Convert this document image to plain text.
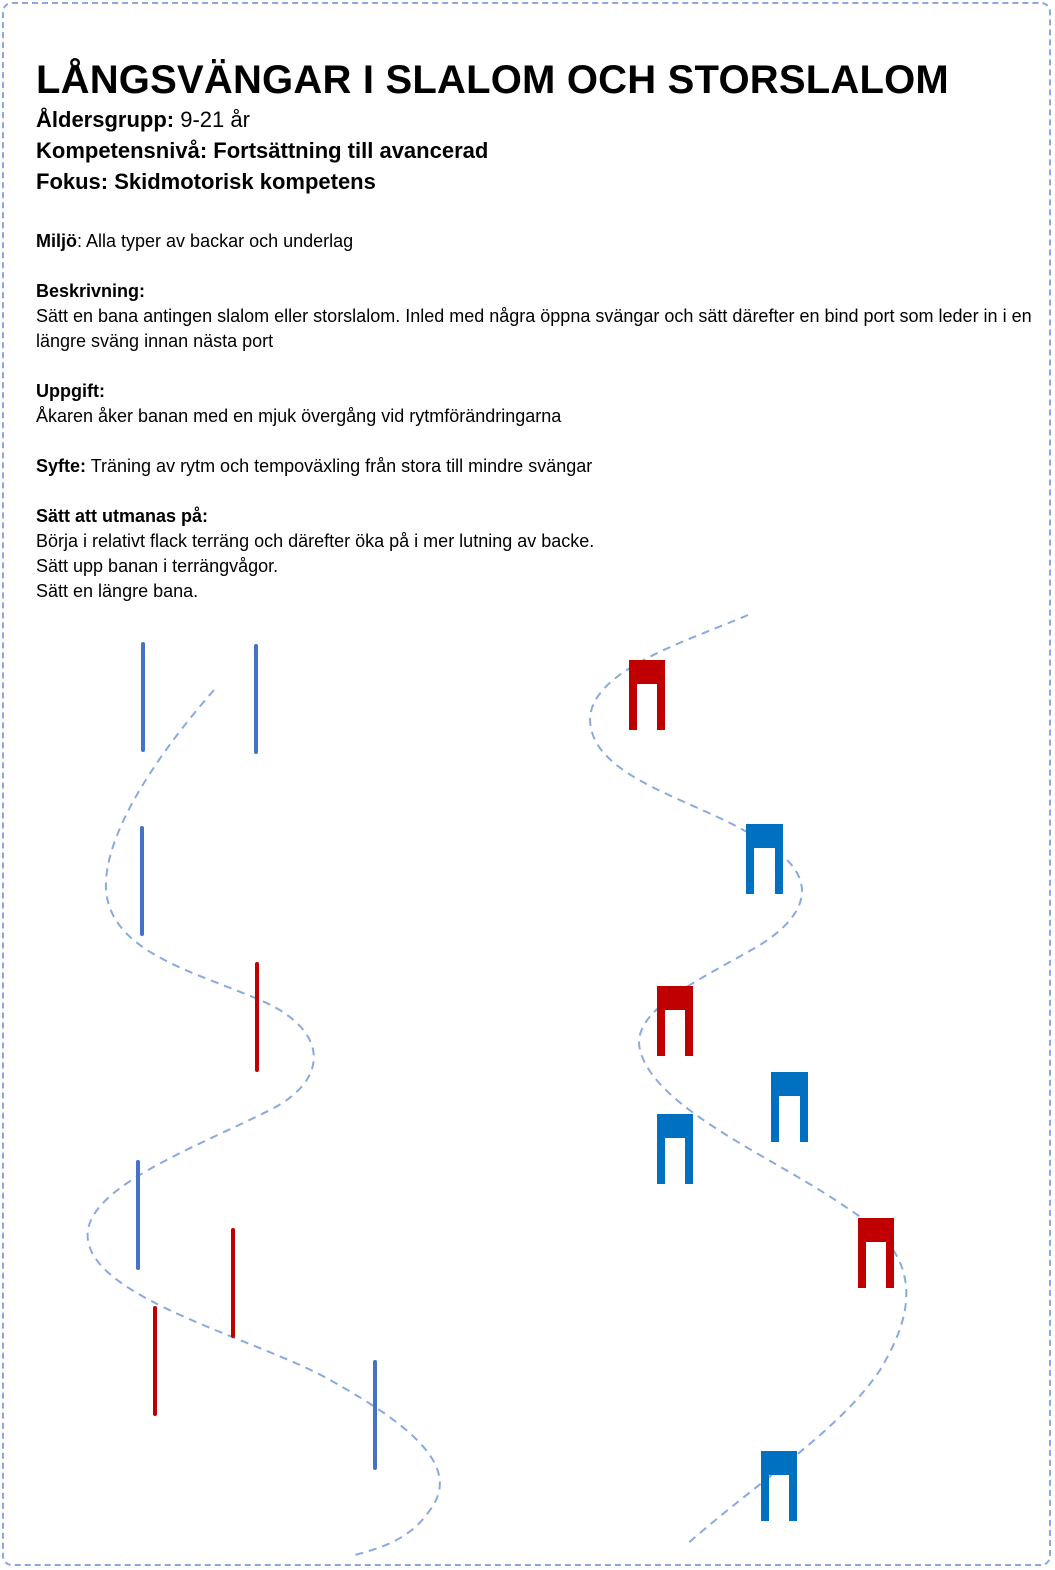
LÅNGSVÄNGAR I SLALOM OCH STORSLALOM
Åldersgrupp: 9-21 år
Kompetensnivå: Fortsättning till avancerad
Fokus: Skidmotorisk kompetens

Miljö: Alla typer av backar och underlag

Beskrivning:

Sätt en bana antingen slalom eller storslalom. Inled med några öppna svängar och sätt därefter en bind port som leder in i en längre sväng innan nästa port

Uppgift:

Åkaren åker banan med en mjuk övergång vid rytmförändringarna

Syfte: Träning av rytm och tempoväxling från stora till mindre svängar

Sätt att utmanas på:

Börja i relativt flack terräng och därefter öka på i mer lutning av backe.

Sätt upp banan i terrängvågor.

Sätt en längre bana.
